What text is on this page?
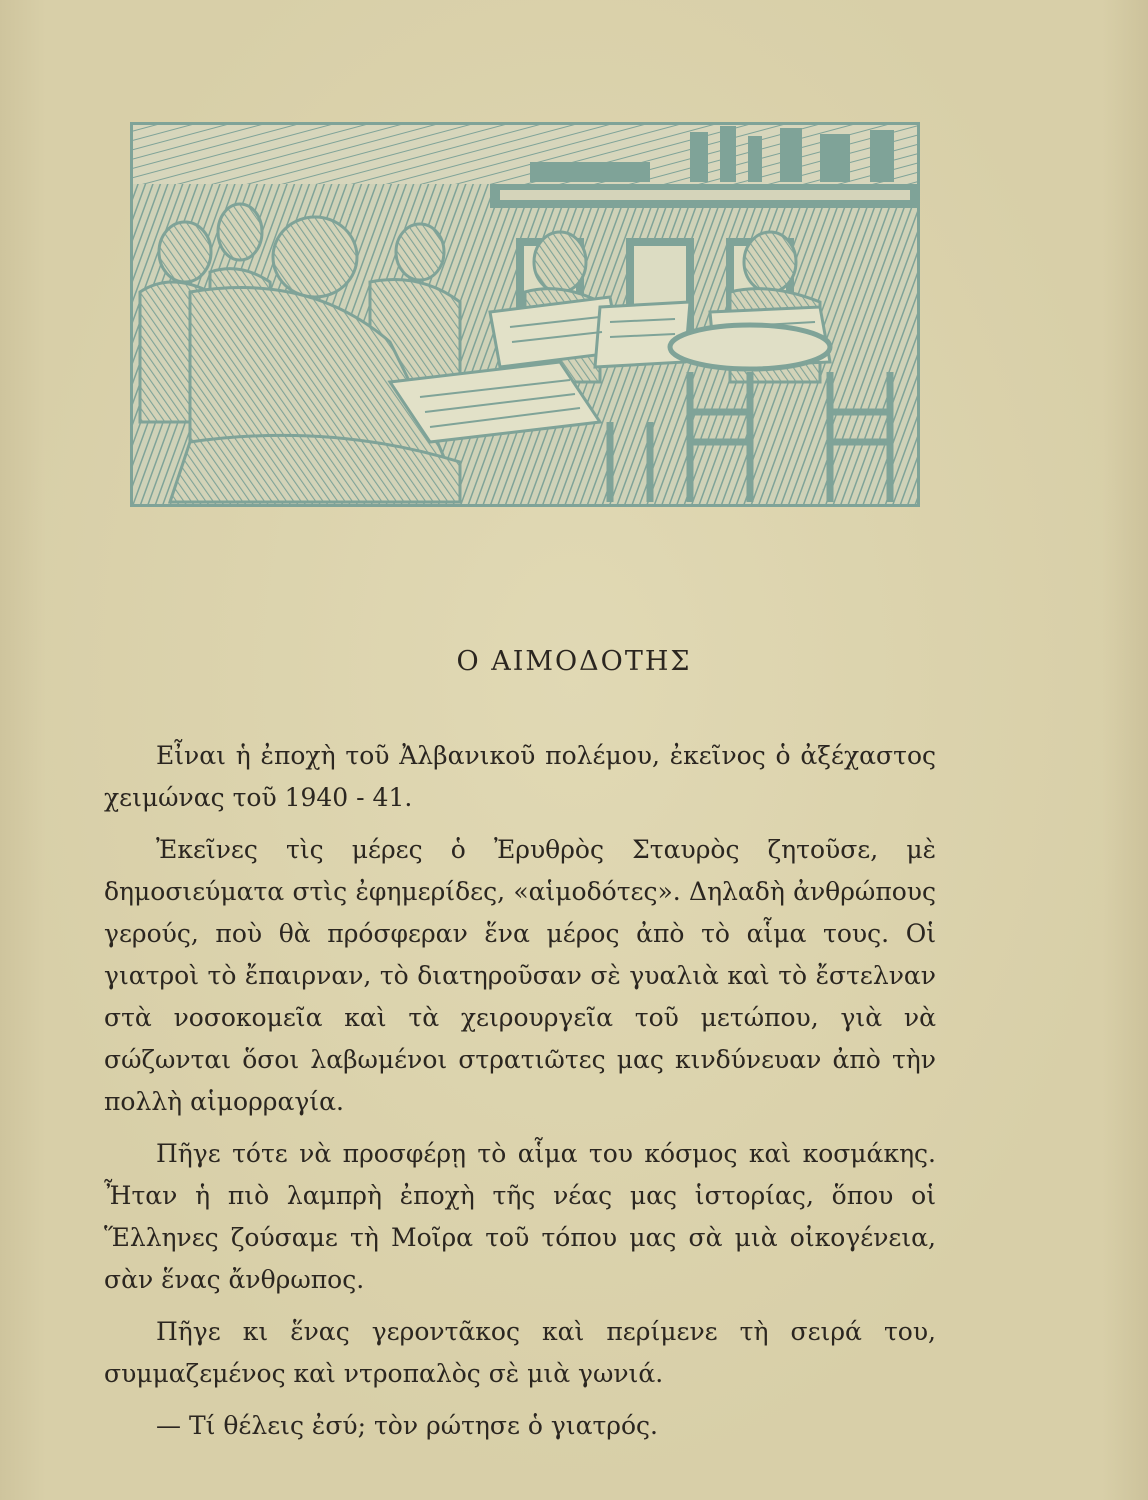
Ο ΑΙΜΟΔΟΤΗΣ

Εἶναι ἡ ἐποχὴ τοῦ Ἀλβανικοῦ πολέμου, ἐκεῖνος ὁ ἀξέχαστος χειμώνας τοῦ 1940 - 41.

Ἐκεῖνες τὶς μέρες ὁ Ἐρυθρὸς Σταυρὸς ζητοῦσε, μὲ δημοσιεύματα στὶς ἐφημερίδες, «αἱμοδότες». Δηλαδὴ ἀνθρώπους γερούς, ποὺ θὰ πρόσφεραν ἕνα μέρος ἀπὸ τὸ αἷμα τους. Οἱ γιατροὶ τὸ ἔπαιρναν, τὸ διατηροῦσαν σὲ γυαλιὰ καὶ τὸ ἔστελναν στὰ νοσοκομεῖα καὶ τὰ χειρουργεῖα τοῦ μετώπου, γιὰ νὰ σώζωνται ὅσοι λαβωμένοι στρατιῶτες μας κινδύνευαν ἀπὸ τὴν πολλὴ αἱμορραγία.

Πῆγε τότε νὰ προσφέρῃ τὸ αἷμα του κόσμος καὶ κοσμάκης. Ἦταν ἡ πιὸ λαμπρὴ ἐποχὴ τῆς νέας μας ἱστορίας, ὅπου οἱ Ἕλληνες ζούσαμε τὴ Μοῖρα τοῦ τόπου μας σὰ μιὰ οἰκογένεια, σὰν ἕνας ἄνθρωπος.

Πῆγε κι ἕνας γεροντᾶκος καὶ περίμενε τὴ σειρά του, συμμαζεμένος καὶ ντροπαλὸς σὲ μιὰ γωνιά.

— Τί θέλεις ἐσύ; τὸν ρώτησε ὁ γιατρός.
